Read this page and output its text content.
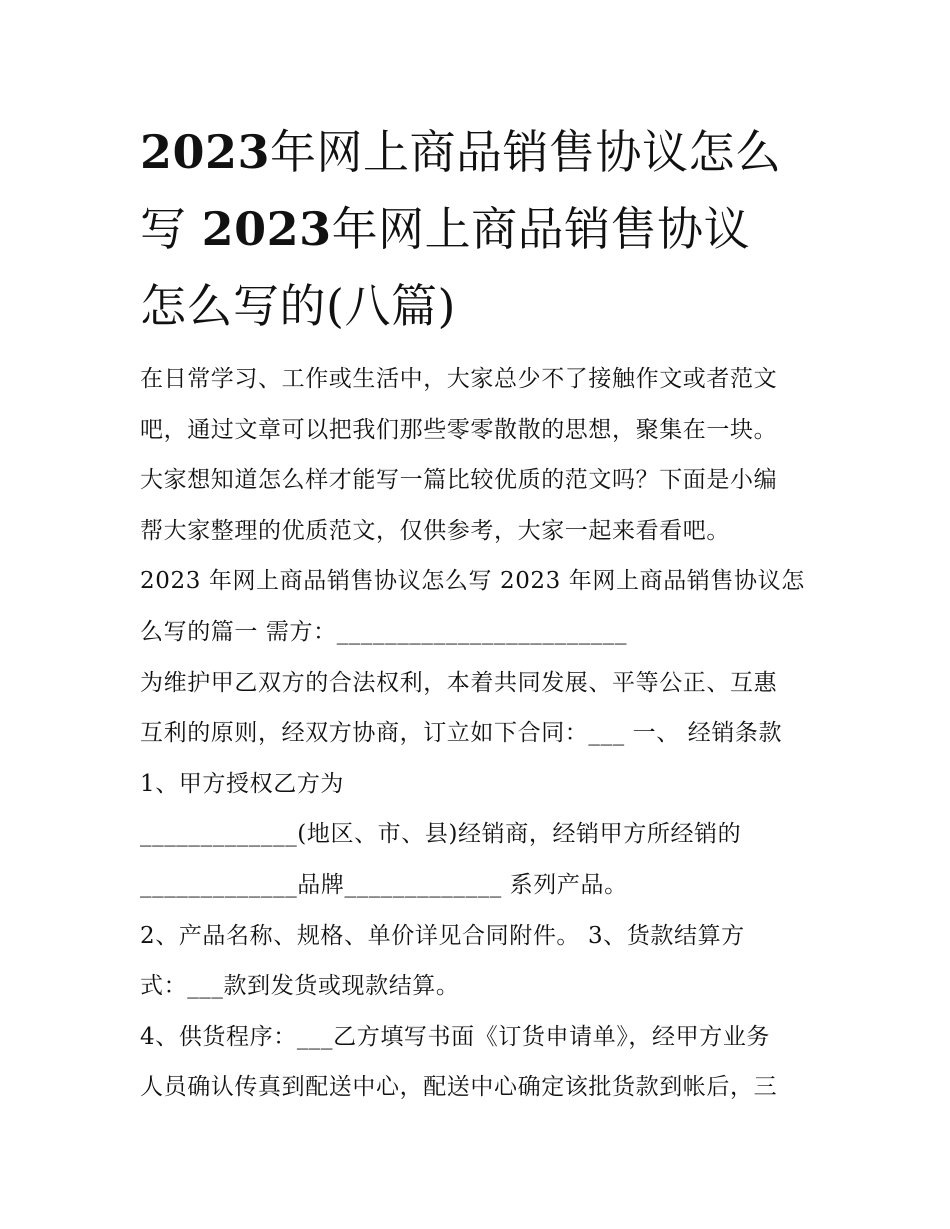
2023年网上商品销售协议怎么
写 2023年网上商品销售协议
怎么写的(八篇)

在日常学习、工作或生活中，大家总少不了接触作文或者范文

吧，通过文章可以把我们那些零零散散的思想，聚集在一块。

大家想知道怎么样才能写一篇比较优质的范文吗？下面是小编

帮大家整理的优质范文，仅供参考，大家一起来看看吧。

2023 年网上商品销售协议怎么写 2023 年网上商品销售协议怎

么写的篇一 需方：________________________

为维护甲乙双方的合法权利，本着共同发展、平等公正、互惠

互利的原则，经双方协商，订立如下合同：___ 一、 经销条款

1、甲方授权乙方为

_____________(地区、市、县)经销商，经销甲方所经销的

_____________品牌_____________ 系列产品。

2、产品名称、规格、单价详见合同附件。 3、货款结算方

式：___款到发货或现款结算。

4、供货程序：___乙方填写书面《订货申请单》，经甲方业务

人员确认传真到配送中心，配送中心确定该批货款到帐后，三
